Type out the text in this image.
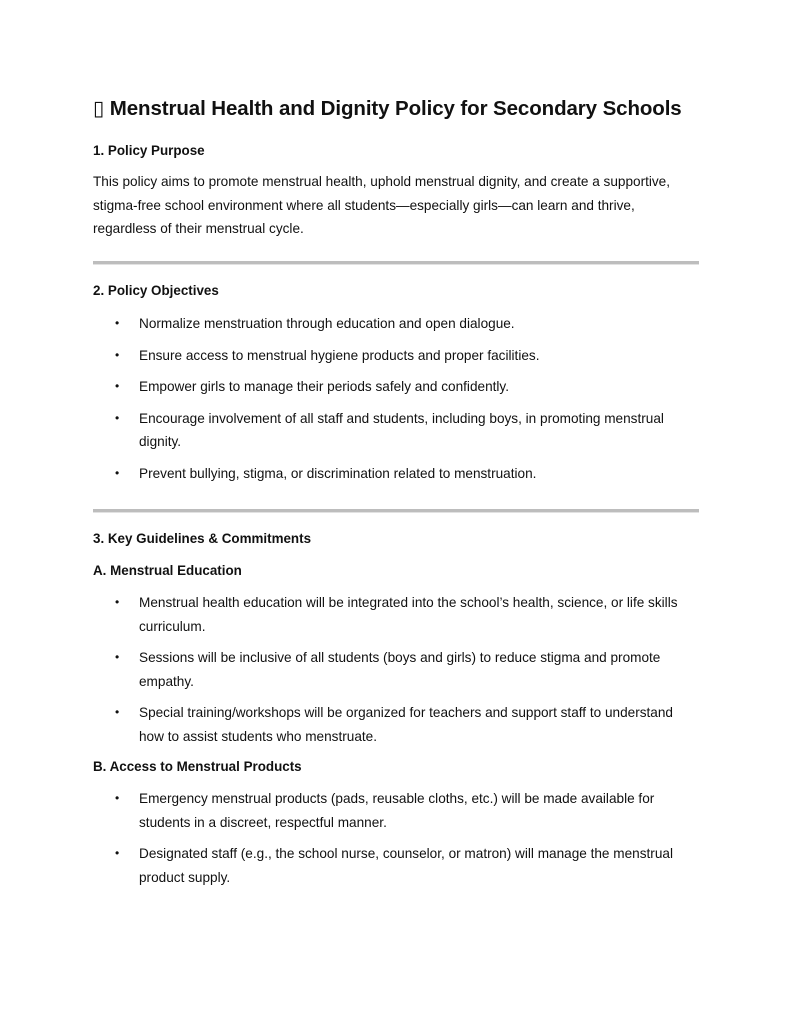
▯ Menstrual Health and Dignity Policy for Secondary Schools
1. Policy Purpose

This policy aims to promote menstrual health, uphold menstrual dignity, and create a supportive, stigma-free school environment where all students—especially girls—can learn and thrive, regardless of their menstrual cycle.

2. Policy Objectives
• Normalize menstruation through education and open dialogue.
• Ensure access to menstrual hygiene products and proper facilities.
• Empower girls to manage their periods safely and confidently.
• Encourage involvement of all staff and students, including boys, in promoting menstrual dignity.
• Prevent bullying, stigma, or discrimination related to menstruation.
3. Key Guidelines & Commitments
A. Menstrual Education
• Menstrual health education will be integrated into the school’s health, science, or life skills curriculum.
• Sessions will be inclusive of all students (boys and girls) to reduce stigma and promote empathy.
• Special training/workshops will be organized for teachers and support staff to understand how to assist students who menstruate.
B. Access to Menstrual Products
• Emergency menstrual products (pads, reusable cloths, etc.) will be made available for students in a discreet, respectful manner.
• Designated staff (e.g., the school nurse, counselor, or matron) will manage the menstrual product supply.
